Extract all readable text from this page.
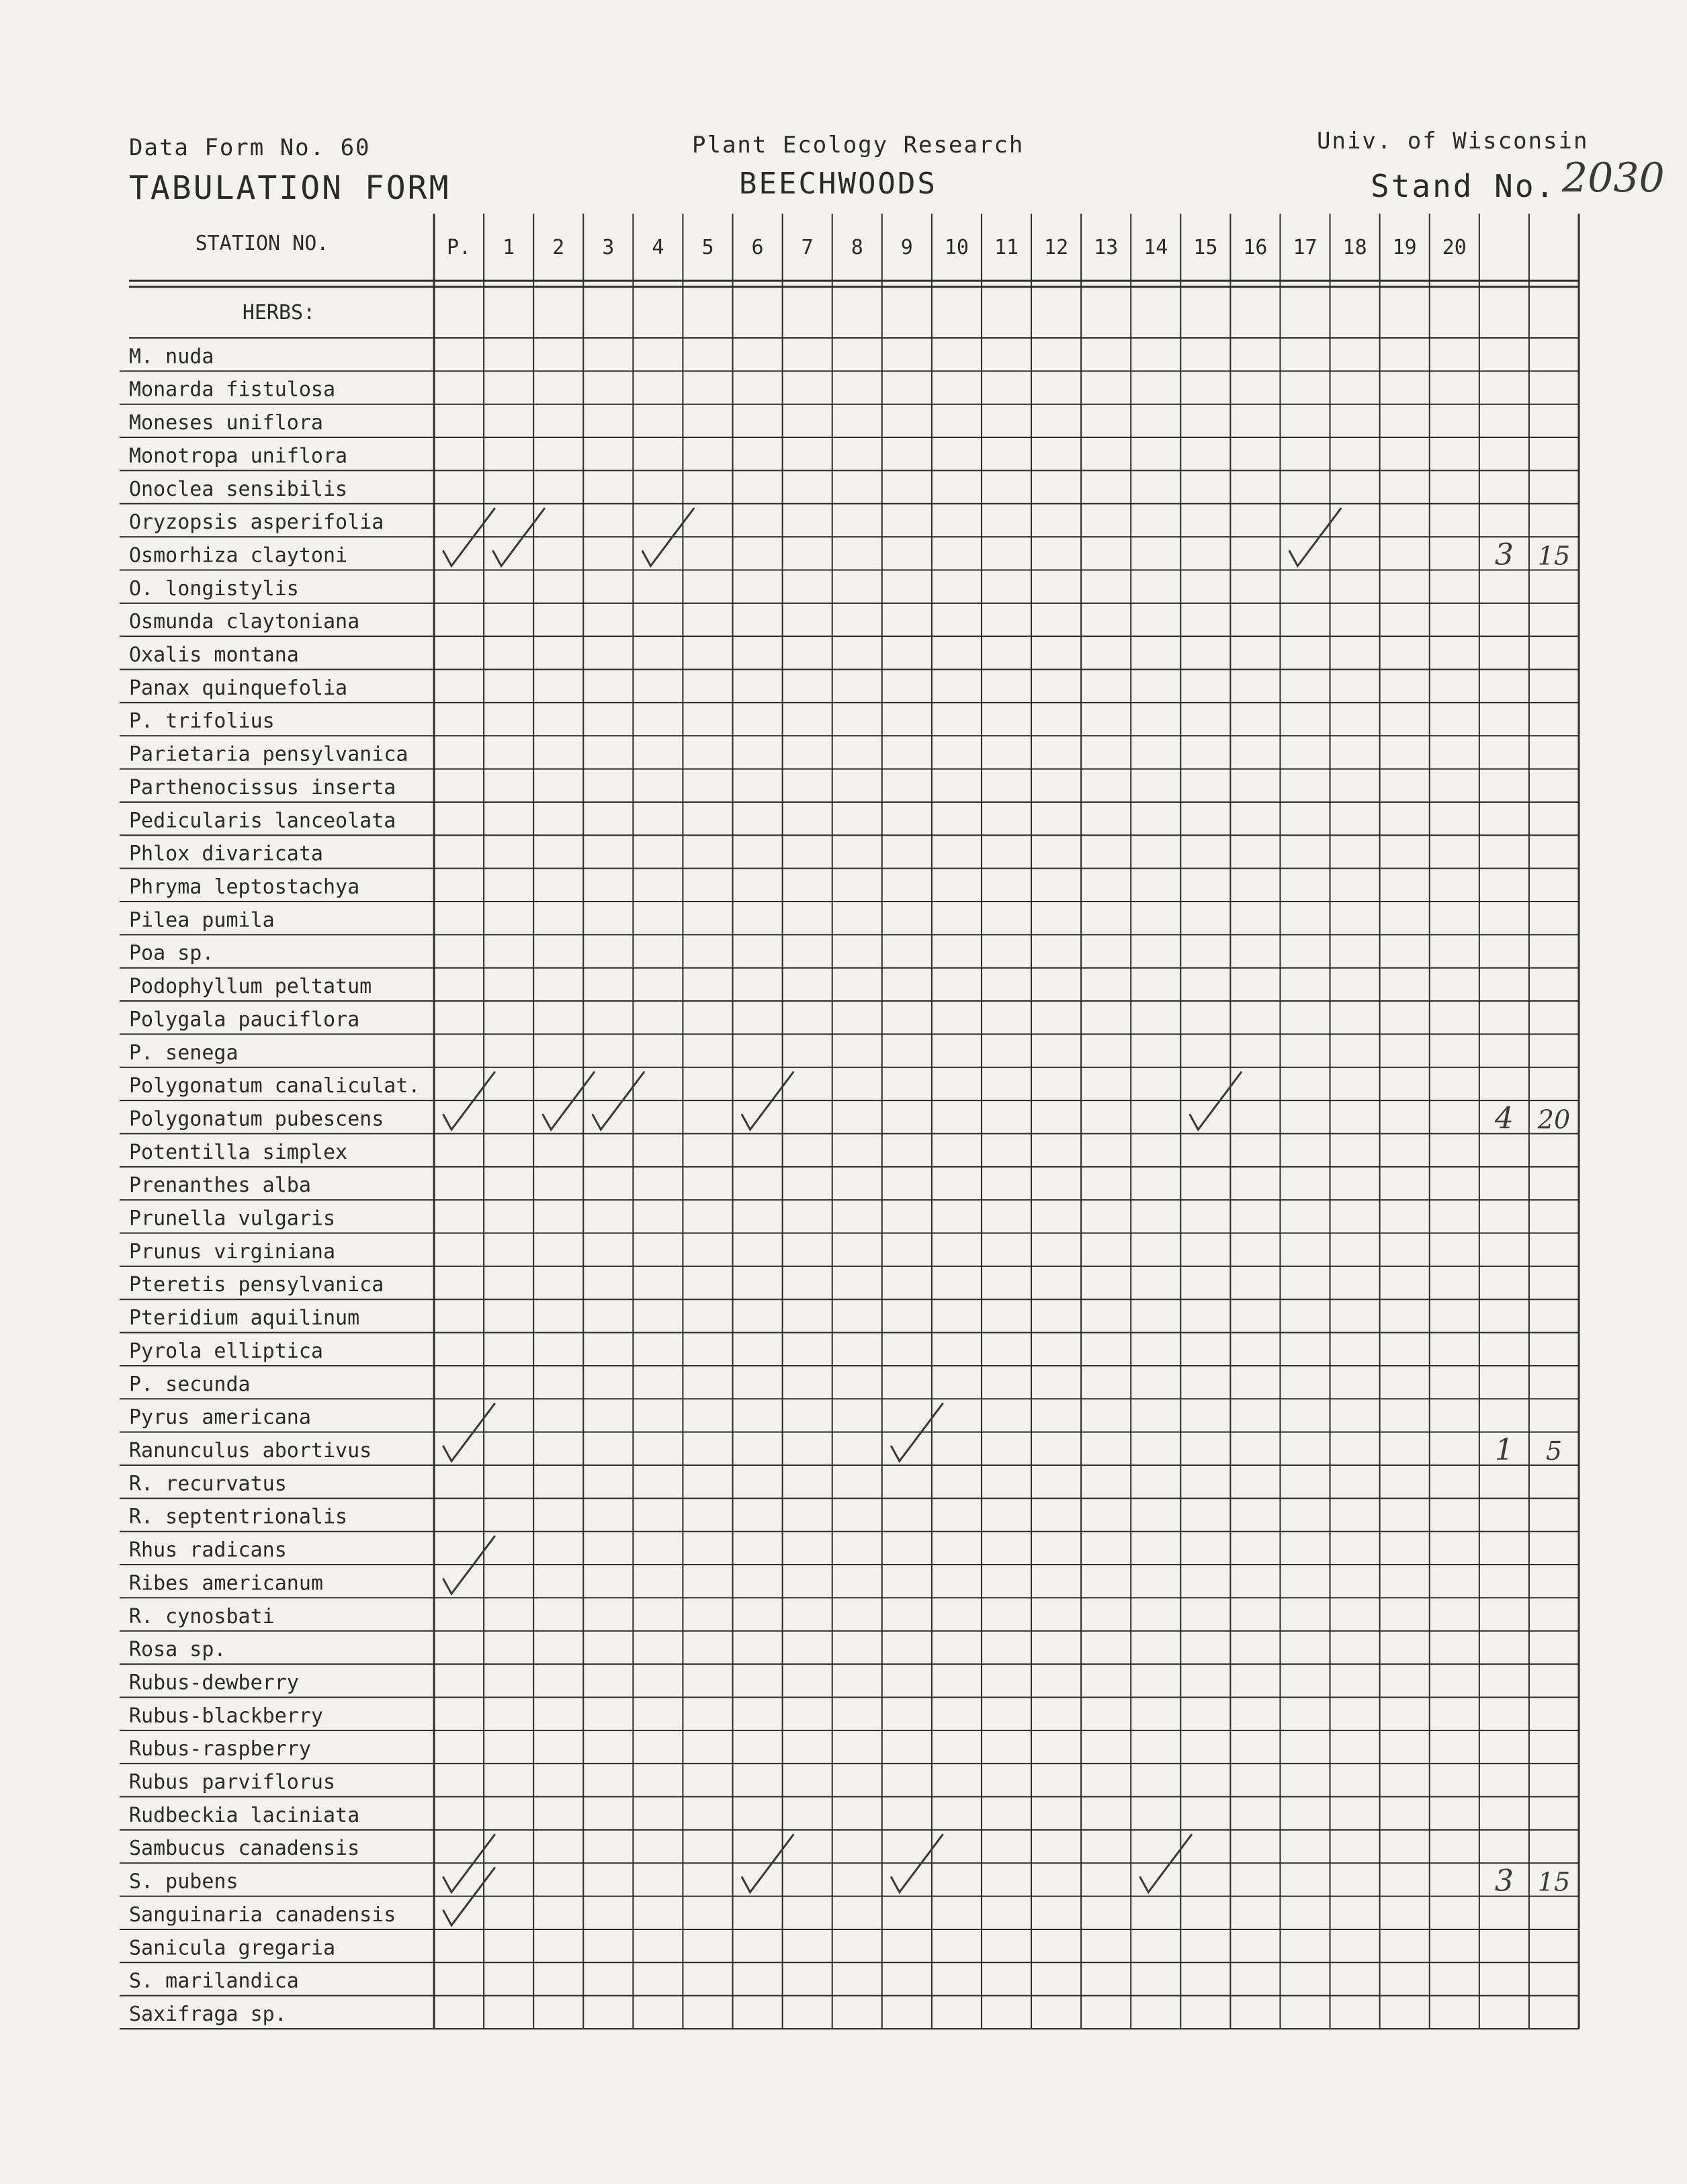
Data Form No. 60
TABULATION FORM
Plant Ecology Research
BEECHWOODS
Univ. of Wisconsin
Stand No. 2030
STATION NO.	P. 1 2 3 4 5 6 7 8 9 10 11 12 13 14 15 16 17 18 19 20
HERBS:
M. nuda
Monarda fistulosa
Moneses uniflora
Monotropa uniflora
Onoclea sensibilis
Oryzopsis asperifolia
Osmorhiza claytoni
O. longistylis
Osmunda claytoniana
Oxalis montana
Panax quinquefolia
P. trifolius
Parietaria pensylvanica
Parthenocissus inserta
Pedicularis lanceolata
Phlox divaricata
Phryma leptostachya
Pilea pumila
Poa sp.
Podophyllum peltatum
Polygala pauciflora
P. senega
Polygonatum canaliculat.
Polygonatum pubescens
Potentilla simplex
Prenanthes alba
Prunella vulgaris
Prunus virginiana
Pteretis pensylvanica
Pteridium aquilinum
Pyrola elliptica
P. secunda
Pyrus americana
Ranunculus abortivus
R. recurvatus
R. septentrionalis
Rhus radicans
Ribes americanum
R. cynosbati
Rosa sp.
Rubus-dewberry
Rubus-blackberry
Rubus-raspberry
Rubus parviflorus
Rudbeckia laciniata
Sambucus canadensis
S. pubens
Sanguinaria canadensis
Sanicula gregaria
S. marilandica
Saxifraga sp.
3 15
4 20
1 5
3 15
